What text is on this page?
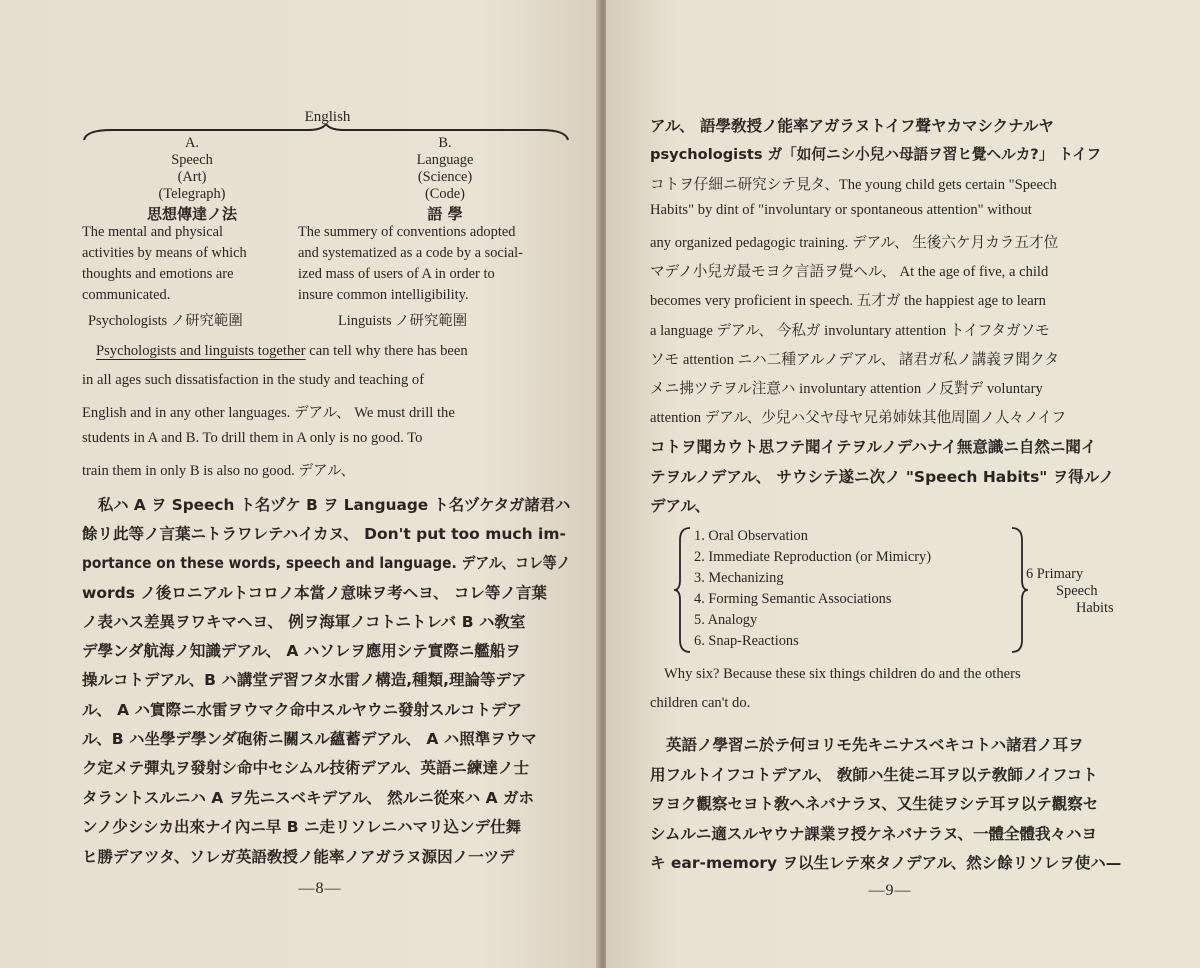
English
A.
Speech
(Art)
(Telegraph)
思想傳達ノ法
The mental and physical
activities by means of which
thoughts and emotions are
communicated.
Psychologists ノ研究範圍
B.
Language
(Science)
(Code)
語 學
The summery of conventions adopted
and systematized as a code by a social-
ized mass of users of A in order to
insure common intelligibility.
Linguists ノ研究範圍
Psychologists and linguists together can tell why there has been
in all ages such dissatisfaction in the study and teaching of
English and in any other languages. デアル、 We must drill the
students in A and B. To drill them in A only is no good. To
train them in only B is also no good. デアル、
私ハ A ヲ Speech ト名ヅケ B ヲ Language ト名ヅケタガ諸君ハ
餘リ此等ノ言葉ニトラワレテハイカヌ、 Don't put too much im-
portance on these words, speech and language. デアル、コレ等ノ
words ノ後ロニアルトコロノ本當ノ意味ヲ考ヘヨ、 コレ等ノ言葉
ノ表ハス差異ヲワキマヘヨ、 例ヲ海軍ノコトニトレバ B ハ敎室
デ學ンダ航海ノ知識デアル、 A ハソレヲ應用シテ實際ニ艦船ヲ
操ルコトデアル、B ハ講堂デ習フタ水雷ノ構造,種類,理論等デア
ル、 A ハ實際ニ水雷ヲウマク命中スルヤウニ發射スルコトデア
ル、B ハ坐學デ學ンダ砲術ニ關スル蘊蓄デアル、 A ハ照準ヲウマ
ク定メテ彈丸ヲ發射シ命中セシムル技術デアル、英語ニ練達ノ士
タラントスルニハ A ヲ先ニスベキデアル、 然ルニ從來ハ A ガホ
ンノ少シシカ出來ナイ內ニ早 B ニ走リソレニハマリ込ンデ仕舞
ヒ勝デアツタ、ソレガ英語敎授ノ能率ノアガラヌ源因ノ一ツデ
—8—
アル、 語學敎授ノ能率アガラヌトイフ聲ヤカマシクナルヤ
psychologists ガ「如何ニシ小兒ハ母語ヲ習ヒ覺ヘルカ?」 トイフ
コトヲ仔細ニ研究シテ見タ、The young child gets certain "Speech
Habits" by dint of "involuntary or spontaneous attention" without
any organized pedagogic training. デアル、 生後六ケ月カラ五才位
マデノ小兒ガ最モヨク言語ヲ覺ヘル、 At the age of five, a child
becomes very proficient in speech. 五才ガ the happiest age to learn
a language デアル、 今私ガ involuntary attention トイフタガソモ
ソモ attention ニハ二種アルノデアル、 諸君ガ私ノ講義ヲ聞クタ
メニ拂ツテヲル注意ハ involuntary attention ノ反對デ voluntary
attention デアル、少兒ハ父ヤ母ヤ兄弟姉妹其他周圍ノ人々ノイフ
コトヲ聞カウト思フテ聞イテヲルノデハナイ無意識ニ自然ニ聞イ
テヲルノデアル、 サウシテ遂ニ次ノ "Speech Habits" ヲ得ルノ
デアル、
1. Oral Observation
2. Immediate Reproduction (or Mimicry)
3. Mechanizing
4. Forming Semantic Associations
5. Analogy
6. Snap-Reactions
6 Primary
Speech
Habits
Why six? Because these six things children do and the others
children can't do.
英語ノ學習ニ於テ何ヨリモ先キニナスベキコトハ諸君ノ耳ヲ
用フルトイフコトデアル、 敎師ハ生徒ニ耳ヲ以テ敎師ノイフコト
ヲヨク觀察セヨト敎ヘネバナラヌ、又生徒ヲシテ耳ヲ以テ觀察セ
シムルニ適スルヤウナ課業ヲ授ケネバナラヌ、一體全體我々ハヨ
キ ear-memory ヲ以生レテ來タノデアル、然シ餘リソレヲ使ハ—
—9—
